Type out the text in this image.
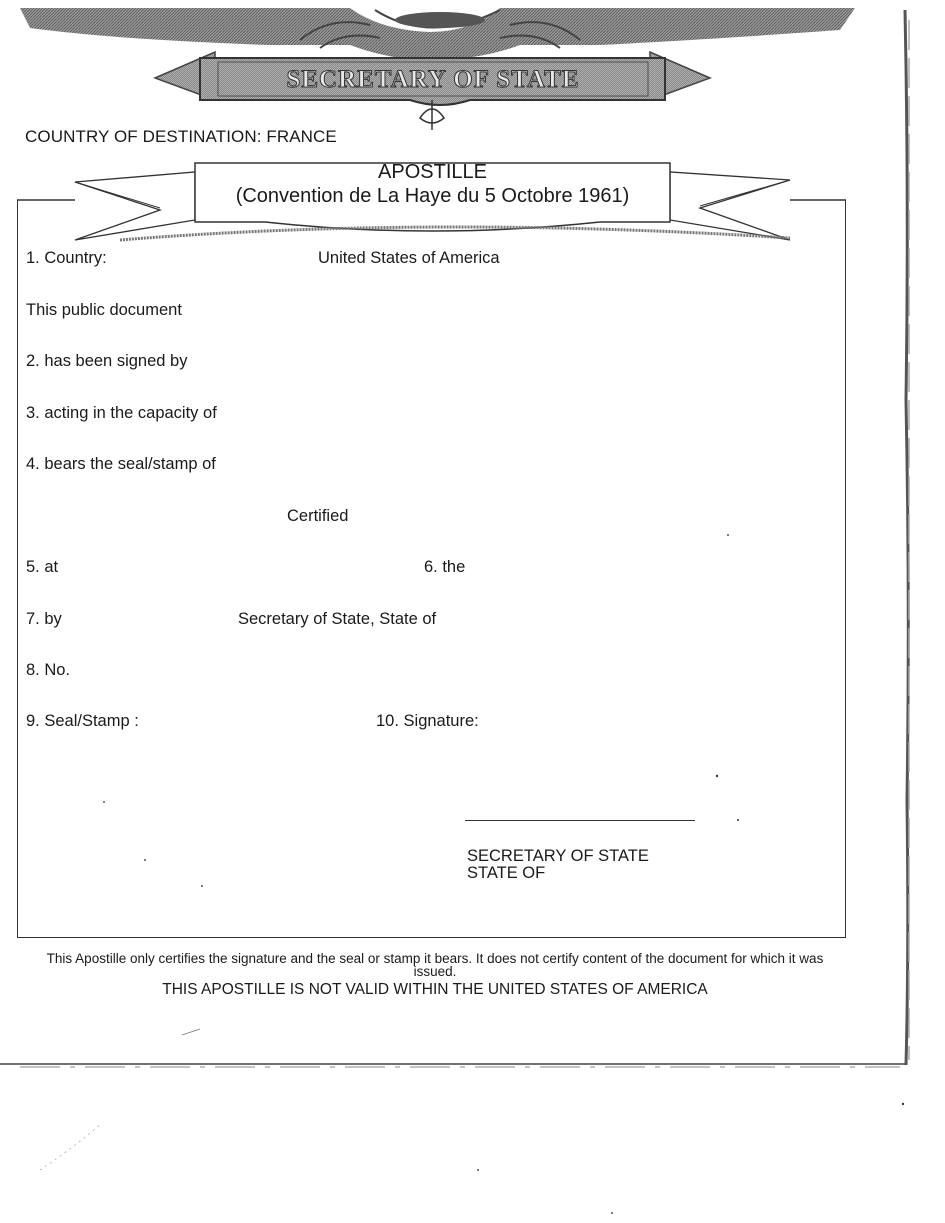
SECRETARY OF STATE
COUNTRY OF DESTINATION: FRANCE
APOSTILLE
(Convention de La Haye du 5 Octobre 1961)
1. Country:	United States of America
This public document
2. has been signed by
3. acting in the capacity of
4. bears the seal/stamp of
Certified
5. at	6. the
7. by	Secretary of State, State of
8. No.
9. Seal/Stamp :	10. Signature:
SECRETARY OF STATE
STATE OF
This Apostille only certifies the signature and the seal or stamp it bears. It does not certify content of the document for which it was issued.
THIS APOSTILLE IS NOT VALID WITHIN THE UNITED STATES OF AMERICA
